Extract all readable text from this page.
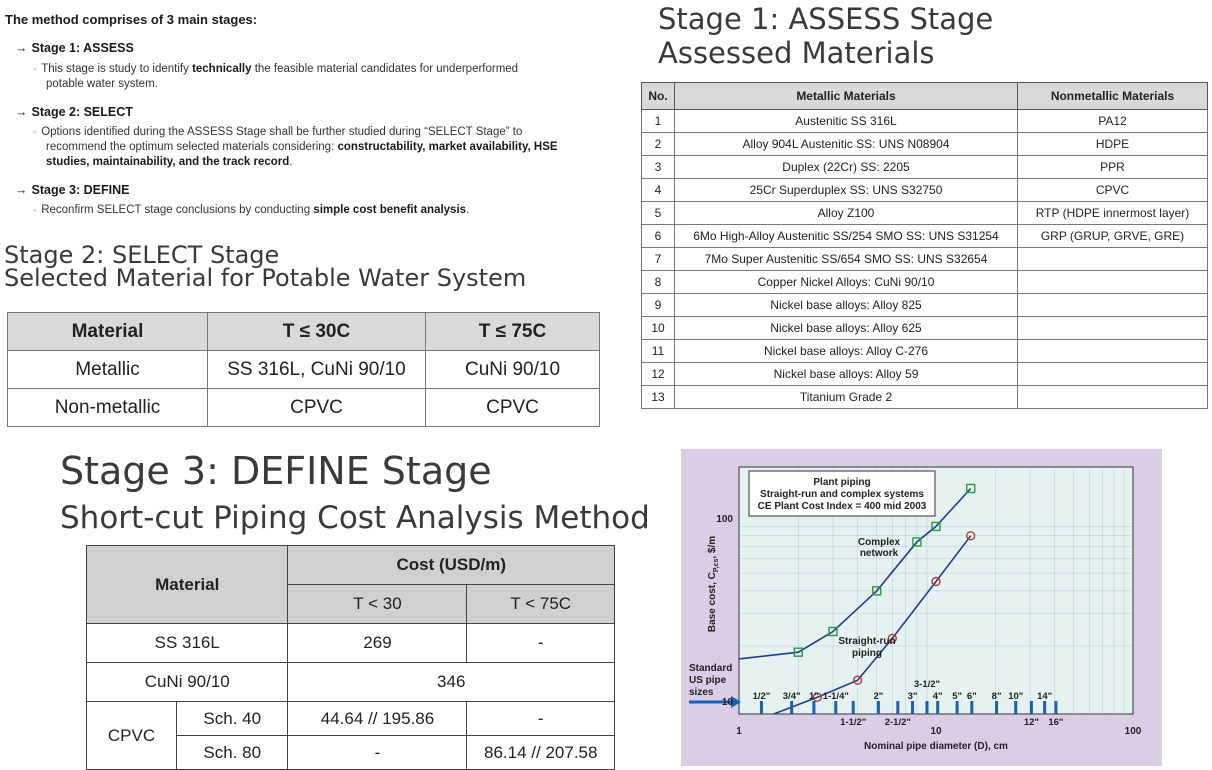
The method comprises of 3 main stages:
→ Stage 1: ASSESS
◦ This stage is study to identify technically the feasible material candidates for underperformed
potable water system.
→ Stage 2: SELECT
◦ Options identified during the ASSESS Stage shall be further studied during “SELECT Stage” to
recommend the optimum selected materials considering: constructability, market availability, HSE
studies, maintainability, and the track record.
→ Stage 3: DEFINE
◦ Reconfirm SELECT stage conclusions by conducting simple cost benefit analysis.
Stage 1: ASSESS Stage
Assessed Materials
No.	Metallic Materials	Nonmetallic Materials
1	Austenitic SS 316L	PA12
2	Alloy 904L Austenitic SS: UNS N08904	HDPE
3	Duplex (22Cr) SS: 2205	PPR
4	25Cr Superduplex SS: UNS S32750	CPVC
5	Alloy Z100	RTP (HDPE innermost layer)
6	6Mo High-Alloy Austenitic SS/254 SMO SS: UNS S31254	GRP (GRUP, GRVE, GRE)
7	7Mo Super Austenitic SS/654 SMO SS: UNS S32654	
8	Copper Nickel Alloys: CuNi 90/10	
9	Nickel base alloys: Alloy 825	
10	Nickel base alloys: Alloy 625	
11	Nickel base alloys: Alloy C-276	
12	Nickel base alloys: Alloy 59	
13	Titanium Grade 2	
Stage 2: SELECT Stage
Selected Material for Potable Water System
Material	T ≤ 30C	T ≤ 75C
Metallic	SS 316L, CuNi 90/10	CuNi 90/10
Non-metallic	CPVC	CPVC
Stage 3: DEFINE Stage
Short-cut Piping Cost Analysis Method
Material		Cost (USD/m)	
		T < 30	T < 75C
SS 316L		269	-
CuNi 90/10		346	
CPVC	Sch. 40	44.64 // 195.86	-
	Sch. 80	-	86.14 // 207.58
Plant piping
Straight-run and complex systems
CE Plant Cost Index = 400 mid 2003
Complex
network
Straight-run
piping
Standard
US pipe
sizes	1/2" 3/4" 1" 1-1/4"	2"	3"
3-1/2"
4" 5" 6" 8" 10" 14"
1-1/2" 2-1/2"	12" 16"
1	10	100
10
100
Nominal pipe diameter (D), cm
Base cost, $C_{P,cs}$, $/m
